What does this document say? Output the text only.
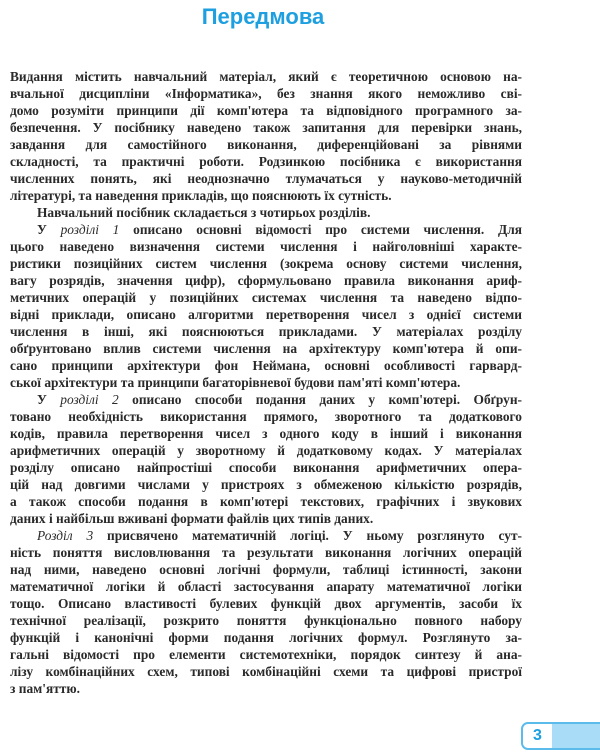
Передмова
Видання містить навчальний матеріал, який є теоретичною основою на-
вчальної дисципліни «Інформатика», без знання якого неможливо сві-
домо розуміти принципи дії комп'ютера та відповідного програмного за-
безпечення. У посібнику наведено також запитання для перевірки знань,
завдання для самостійного виконання, диференційовані за рівнями
складності, та практичні роботи. Родзинкою посібника є використання
численних понять, які неоднозначно тлумачаться у науково-методичній
літературі, та наведення прикладів, що пояснюють їх сутність.
Навчальний посібник складається з чотирьох розділів.
У розділі 1 описано основні відомості про системи числення. Для
цього наведено визначення системи числення і найголовніші характе-
ристики позиційних систем числення (зокрема основу системи числення,
вагу розрядів, значення цифр), сформульовано правила виконання ариф-
метичних операцій у позиційних системах числення та наведено відпо-
відні приклади, описано алгоритми перетворення чисел з однієї системи
числення в інші, які пояснюються прикладами. У матеріалах розділу
обґрунтовано вплив системи числення на архітектуру комп'ютера й опи-
сано принципи архітектури фон Неймана, основні особливості гарвард-
ської архітектури та принципи багаторівневої будови пам'яті комп'ютера.
У розділі 2 описано способи подання даних у комп'ютері. Обґрун-
товано необхідність використання прямого, зворотного та додаткового
кодів, правила перетворення чисел з одного коду в інший і виконання
арифметичних операцій у зворотному й додатковому кодах. У матеріалах
розділу описано найпростіші способи виконання арифметичних опера-
цій над довгими числами у пристроях з обмеженою кількістю розрядів,
а також способи подання в комп'ютері текстових, графічних і звукових
даних і найбільш вживані формати файлів цих типів даних.
Розділ 3 присвячено математичній логіці. У ньому розглянуто сут-
ність поняття висловлювання та результати виконання логічних операцій
над ними, наведено основні логічні формули, таблиці істинності, закони
математичної логіки й області застосування апарату математичної логіки
тощо. Описано властивості булевих функцій двох аргументів, засоби їх
технічної реалізації, розкрито поняття функціонально повного набору
функцій і канонічні форми подання логічних формул. Розглянуто за-
гальні відомості про елементи системотехніки, порядок синтезу й ана-
лізу комбінаційних схем, типові комбінаційні схеми та цифрові пристрої
з пам'яттю.
3
